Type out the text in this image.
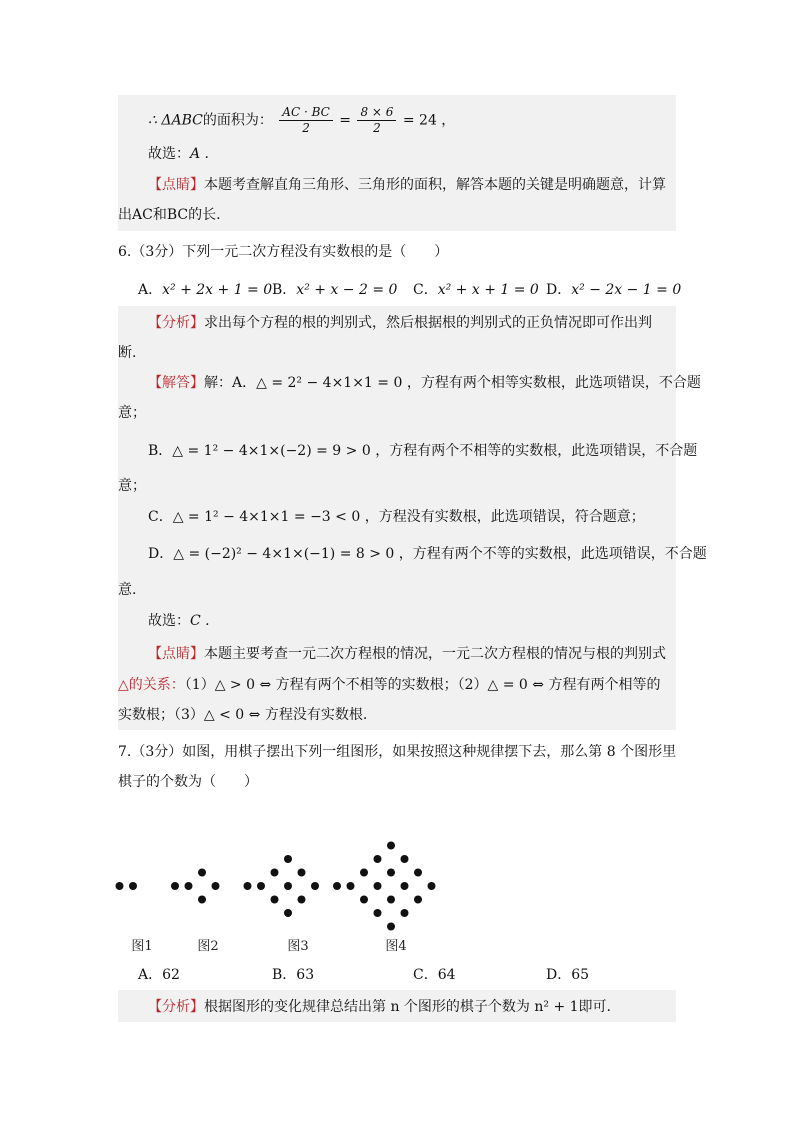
∴ ΔABC的面积为： $\frac{AC \cdot BC}{2} = \frac{8 \times 6}{2} = 24$ ，
故选：A .
【点睛】本题考查解直角三角形、三角形的面积，解答本题的关键是明确题意，计算
出AC和BC的长.
6.（3分）下列一元二次方程没有实数根的是（　　）
A．x² + 2x + 1 = 0 B．x² + x − 2 = 0 C．x² + x + 1 = 0 D．x² − 2x − 1 = 0
【分析】求出每个方程的根的判别式，然后根据根的判别式的正负情况即可作出判
断.
【解答】解：A．△ = 2² − 4×1×1 = 0 ，方程有两个相等实数根，此选项错误，不合题
意；
B．△ = 1² − 4×1×(−2) = 9 > 0 ，方程有两个不相等的实数根，此选项错误，不合题
意；
C．△ = 1² − 4×1×1 = −3 < 0 ，方程没有实数根，此选项错误，符合题意；
D．△ = (−2)² − 4×1×(−1) = 8 > 0 ，方程有两个不等的实数根，此选项错误，不合题
意.
故选：C .
【点睛】本题主要考查一元二次方程根的情况，一元二次方程根的情况与根的判别式
△的关系：（1）△ > 0 ⇔ 方程有两个不相等的实数根；（2）△ = 0 ⇔ 方程有两个相等的
实数根；（3）△ < 0 ⇔ 方程没有实数根.
7.（3分）如图，用棋子摆出下列一组图形，如果按照这种规律摆下去，那么第 8 个图形里
棋子的个数为（　　）
图1	图2	图3	图4
A．62	B．63	C．64	D．65
【分析】根据图形的变化规律总结出第 n 个图形的棋子个数为 n² + 1即可.
